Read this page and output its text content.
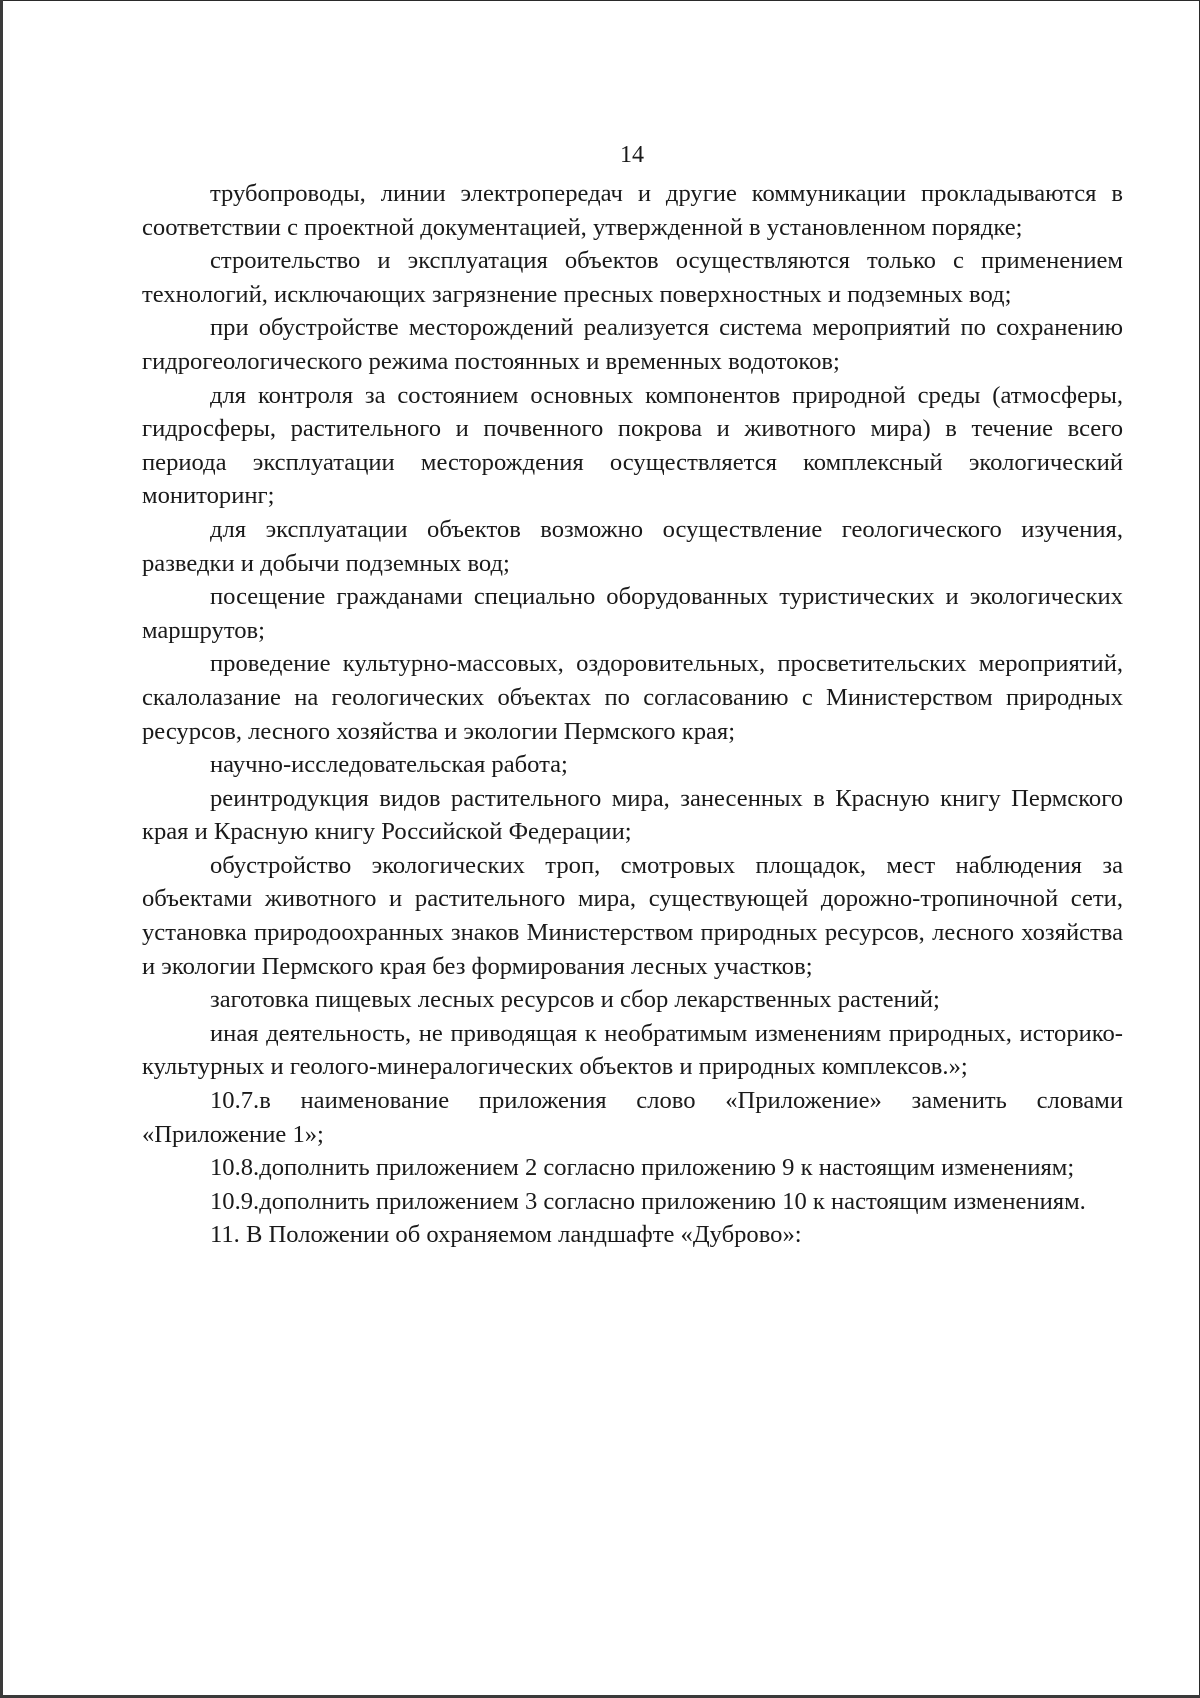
14

трубопроводы, линии электропередач и другие коммуникации прокладываются в соответствии с проектной документацией, утвержденной в установленном порядке;

строительство и эксплуатация объектов осуществляются только с применением технологий, исключающих загрязнение пресных поверхностных и подземных вод;

при обустройстве месторождений реализуется система мероприятий по сохранению гидрогеологического режима постоянных и временных водотоков;

для контроля за состоянием основных компонентов природной среды (атмосферы, гидросферы, растительного и почвенного покрова и животного мира) в течение всего периода эксплуатации месторождения осуществляется комплексный экологический мониторинг;

для эксплуатации объектов возможно осуществление геологического изучения, разведки и добычи подземных вод;

посещение гражданами специально оборудованных туристических и экологических маршрутов;

проведение культурно-массовых, оздоровительных, просветительских мероприятий, скалолазание на геологических объектах по согласованию с Министерством природных ресурсов, лесного хозяйства и экологии Пермского края;

научно-исследовательская работа;

реинтродукция видов растительного мира, занесенных в Красную книгу Пермского края и Красную книгу Российской Федерации;

обустройство экологических троп, смотровых площадок, мест наблюдения за объектами животного и растительного мира, существующей дорожно-тропиночной сети, установка природоохранных знаков Министерством природных ресурсов, лесного хозяйства и экологии Пермского края без формирования лесных участков;

заготовка пищевых лесных ресурсов и сбор лекарственных растений;

иная деятельность, не приводящая к необратимым изменениям природных, историко-культурных и геолого-минералогических объектов и природных комплексов.»;

10.7.в наименование приложения слово «Приложение» заменить словами «Приложение 1»;

10.8.дополнить приложением 2 согласно приложению 9 к настоящим изменениям;

10.9.дополнить приложением 3 согласно приложению 10 к настоящим изменениям.

11. В Положении об охраняемом ландшафте «Дуброво»:
